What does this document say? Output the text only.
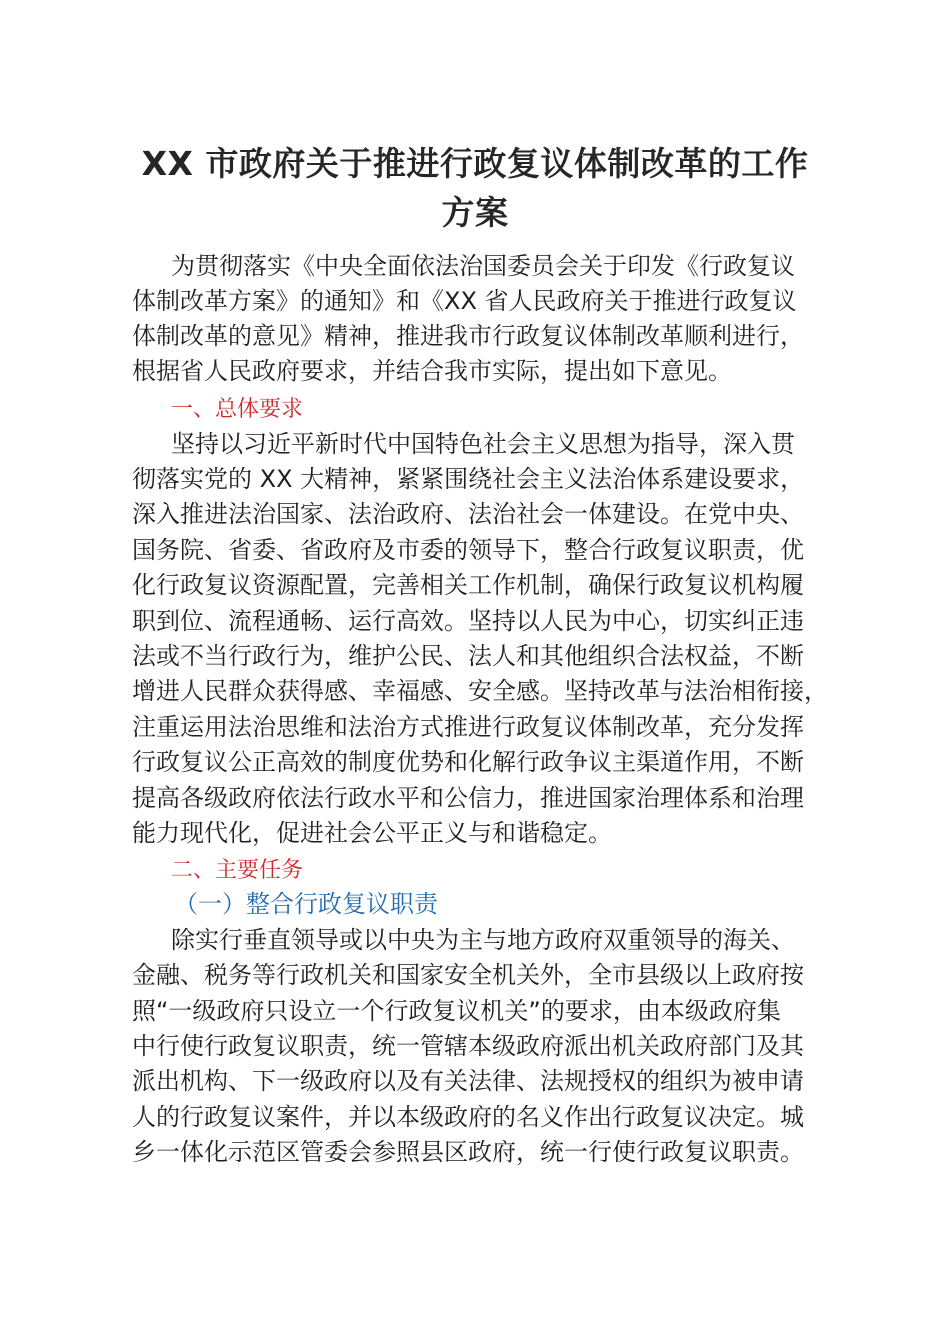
XX 市政府关于推进行政复议体制改革的工作
方案
为贯彻落实《中央全面依法治国委员会关于印发《行政复议
体制改革方案》的通知》和《XX 省人民政府关于推进行政复议
体制改革的意见》精神，推进我市行政复议体制改革顺利进行，
根据省人民政府要求，并结合我市实际，提出如下意见。
一、总体要求
坚持以习近平新时代中国特色社会主义思想为指导，深入贯
彻落实党的 XX 大精神，紧紧围绕社会主义法治体系建设要求，
深入推进法治国家、法治政府、法治社会一体建设。在党中央、
国务院、省委、省政府及市委的领导下，整合行政复议职责，优
化行政复议资源配置，完善相关工作机制，确保行政复议机构履
职到位、流程通畅、运行高效。坚持以人民为中心，切实纠正违
法或不当行政行为，维护公民、法人和其他组织合法权益，不断
增进人民群众获得感、幸福感、安全感。坚持改革与法治相衔接，
注重运用法治思维和法治方式推进行政复议体制改革，充分发挥
行政复议公正高效的制度优势和化解行政争议主渠道作用，不断
提高各级政府依法行政水平和公信力，推进国家治理体系和治理
能力现代化，促进社会公平正义与和谐稳定。
二、主要任务
（一）整合行政复议职责
除实行垂直领导或以中央为主与地方政府双重领导的海关、
金融、税务等行政机关和国家安全机关外，全市县级以上政府按
照“一级政府只设立一个行政复议机关”的要求，由本级政府集
中行使行政复议职责，统一管辖本级政府派出机关政府部门及其
派出机构、下一级政府以及有关法律、法规授权的组织为被申请
人的行政复议案件，并以本级政府的名义作出行政复议决定。城
乡一体化示范区管委会参照县区政府，统一行使行政复议职责。
